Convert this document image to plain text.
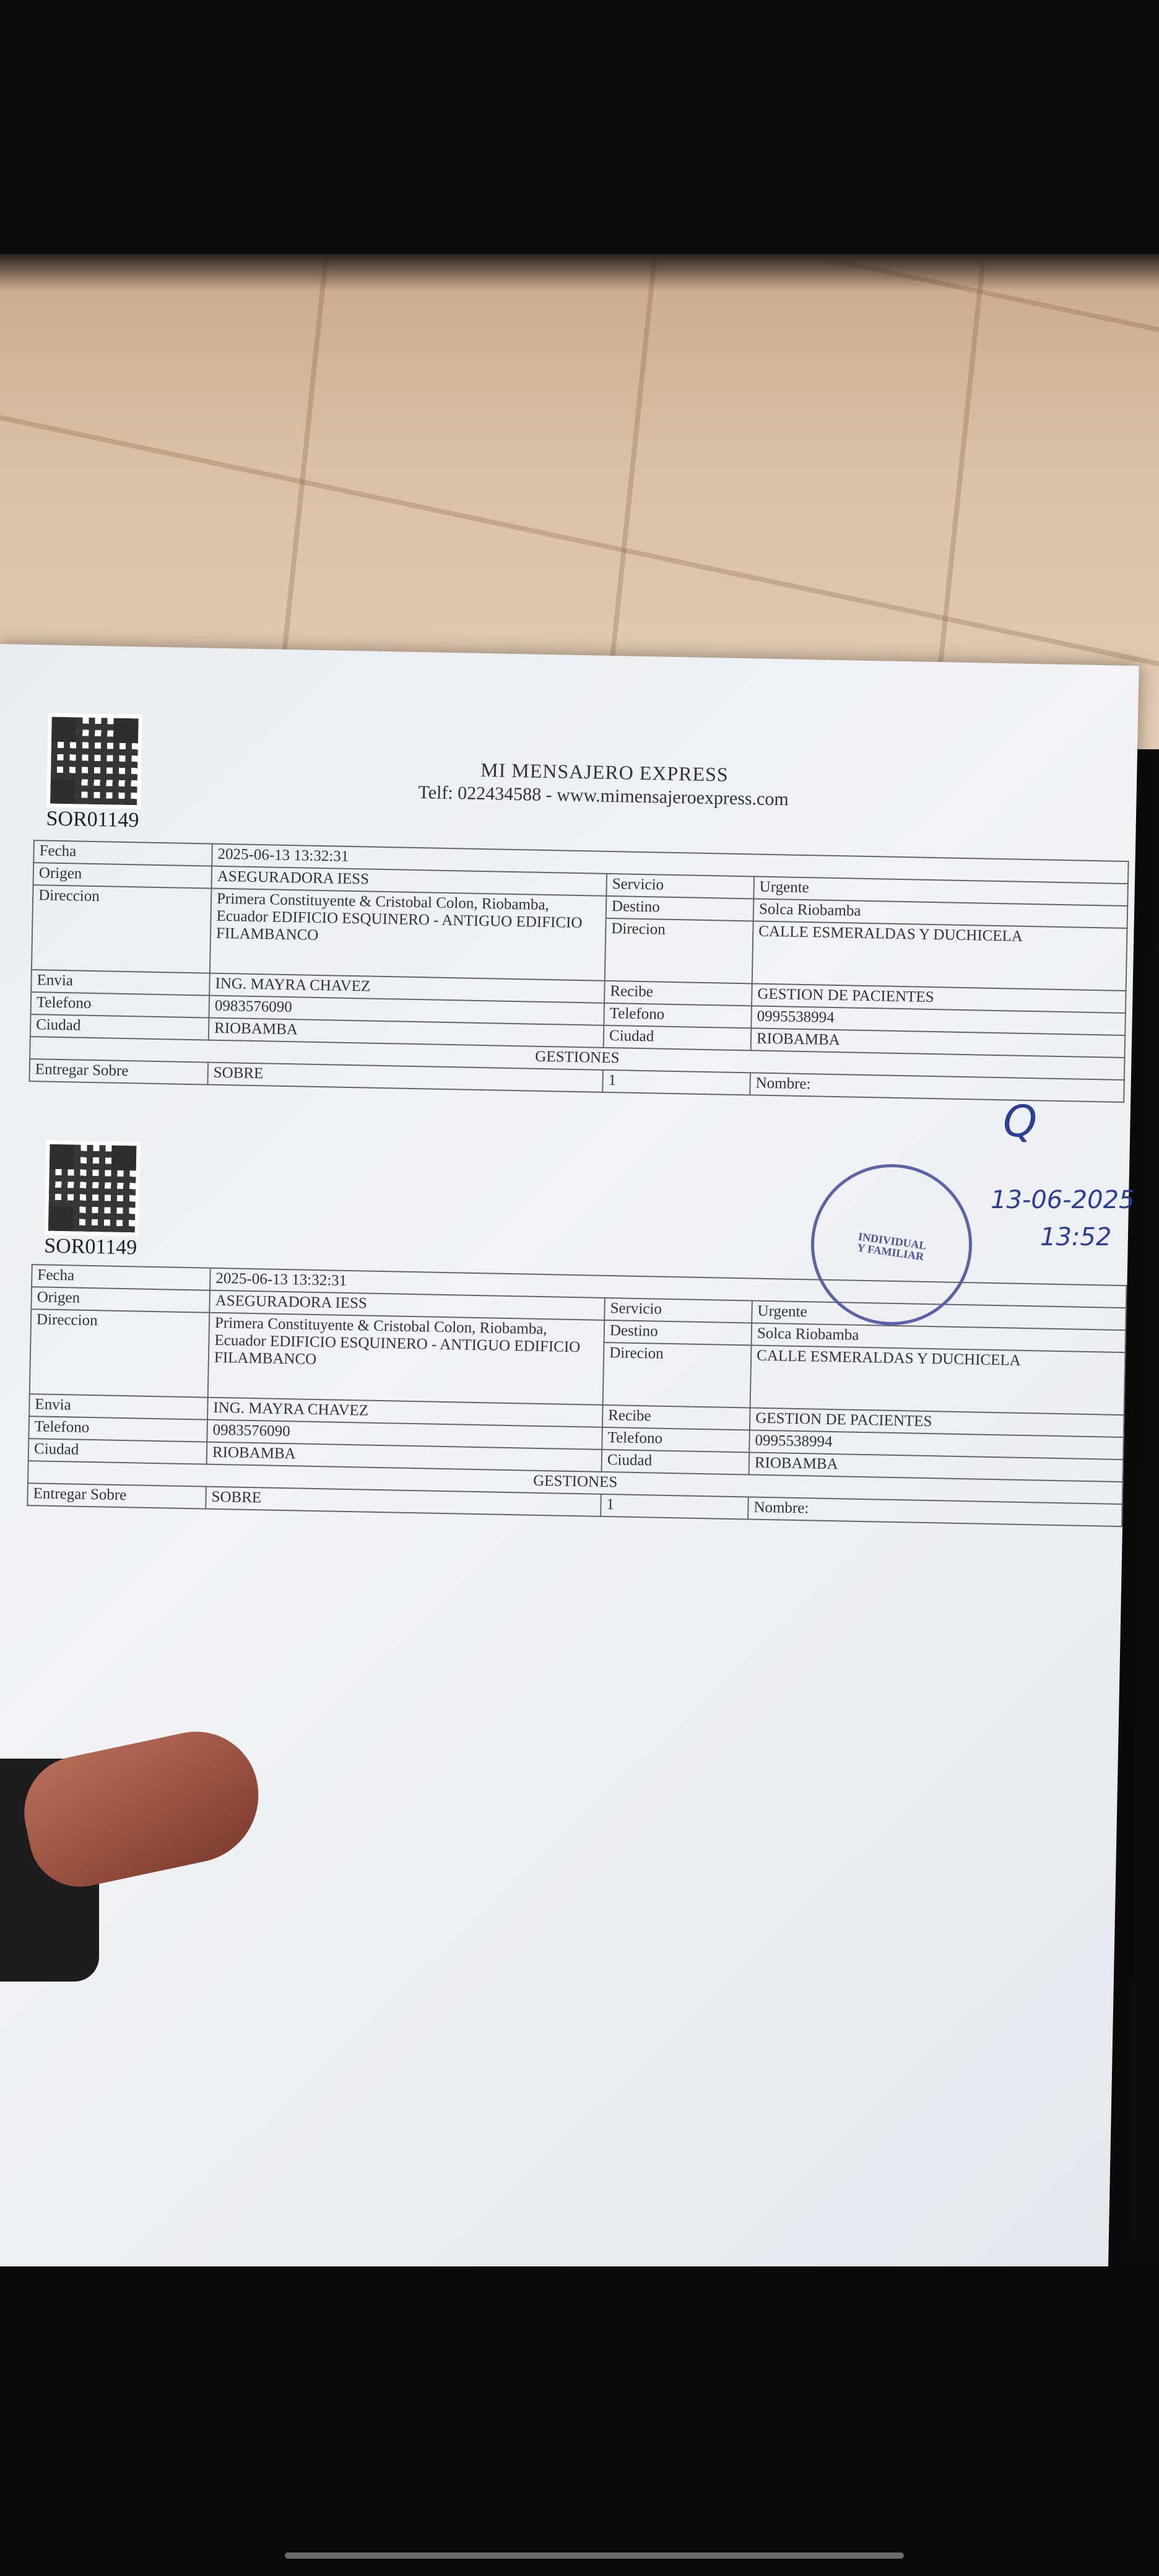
SOR01149
MI MENSAJERO EXPRESS
Telf: 022434588 - www.mimensajeroexpress.com
Fecha	2025-06-13 13:32:31		
Origen	ASEGURADORA IESS	Servicio	Urgente
Direccion	Primera Constituyente & Cristobal Colon, Riobamba, Ecuador EDIFICIO ESQUINERO - ANTIGUO EDIFICIO FILAMBANCO	Destino	Solca Riobamba
		Direcion	CALLE ESMERALDAS Y DUCHICELA
Envia	ING. MAYRA CHAVEZ	Recibe	GESTION DE PACIENTES
Telefono	0983576090	Telefono	0995538994
Ciudad	RIOBAMBA	Ciudad	RIOBAMBA
GESTIONES			
Entregar Sobre	SOBRE	1	Nombre:
SOR01149
Fecha	2025-06-13 13:32:31		
Origen	ASEGURADORA IESS	Servicio	Urgente
Direccion	Primera Constituyente & Cristobal Colon, Riobamba, Ecuador EDIFICIO ESQUINERO - ANTIGUO EDIFICIO FILAMBANCO	Destino	Solca Riobamba
		Direcion	CALLE ESMERALDAS Y DUCHICELA
Envia	ING. MAYRA CHAVEZ	Recibe	GESTION DE PACIENTES
Telefono	0983576090	Telefono	0995538994
Ciudad	RIOBAMBA	Ciudad	RIOBAMBA
GESTIONES			
Entregar Sobre	SOBRE	1	Nombre:
INDIVIDUAL Y FAMILIAR
Q
13-06-2025
13:52
